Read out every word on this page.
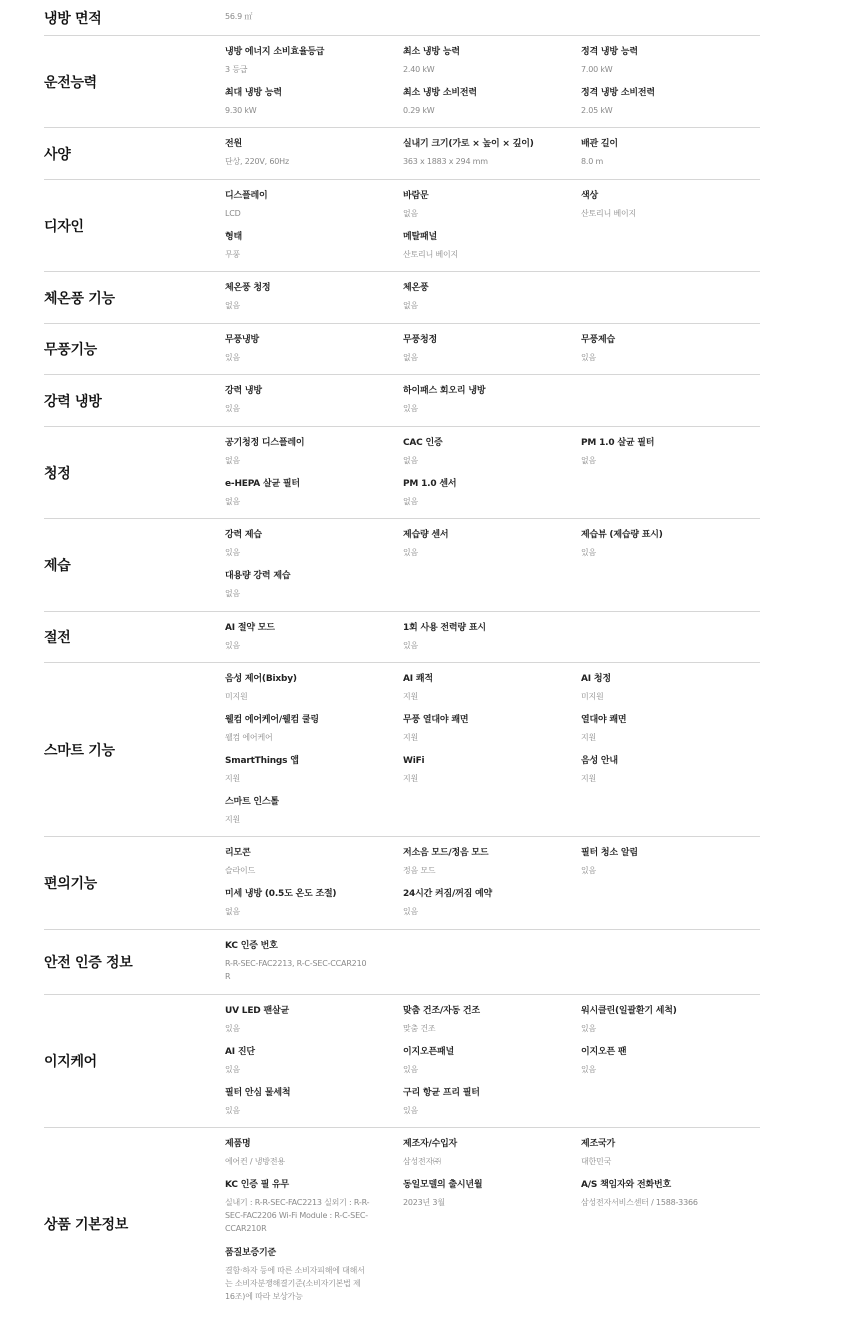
냉방 면적	56.9 ㎡
운전능력
냉방 에너지 소비효율등급
3 등급
최소 냉방 능력
2.40 kW
정격 냉방 능력
7.00 kW
최대 냉방 능력
9.30 kW
최소 냉방 소비전력
0.29 kW
정격 냉방 소비전력
2.05 kW
사양
전원
단상, 220V, 60Hz
실내기 크기(가로 × 높이 × 깊이)
363 x 1883 x 294 mm
배관 길이
8.0 m
디자인
디스플레이
LCD
바람문
없음
색상
산토리니 베이지
형태
무풍
메탈패널
산토리니 베이지
체온풍 기능
체온풍 청정
없음
체온풍
없음
무풍기능
무풍냉방
있음
무풍청정
없음
무풍제습
있음
강력 냉방
강력 냉방
있음
하이패스 회오리 냉방
있음
청정
공기청정 디스플레이
없음
CAC 인증
없음
PM 1.0 살균 필터
없음
e-HEPA 살균 필터
없음
PM 1.0 센서
없음
제습
강력 제습
있음
제습량 센서
있음
제습뷰 (제습량 표시)
있음
대용량 강력 제습
없음
절전
AI 절약 모드
있음
1회 사용 전력량 표시
있음
스마트 기능
음성 제어(Bixby)
미지원
AI 쾌적
지원
AI 청정
미지원
웰컴 에어케어/웰컴 쿨링
웰컴 에어케어
무풍 열대야 쾌면
지원
열대야 쾌면
지원
SmartThings 앱
지원
WiFi
지원
음성 안내
지원
스마트 인스톨
지원
편의기능
리모콘
슬라이드
저소음 모드/정음 모드
정음 모드
필터 청소 알림
있음
미세 냉방 (0.5도 온도 조절)
없음
24시간 켜짐/꺼짐 예약
있음
안전 인증 정보
KC 인증 번호
R-R-SEC-FAC2213, R-C-SEC-CCAR210R
이지케어
UV LED 팬살균
있음
맞춤 건조/자동 건조
맞춤 건조
워시클린(일괄환기 세척)
있음
AI 진단
있음
이지오픈패널
있음
이지오픈 팬
있음
필터 안심 물세척
있음
구리 항균 프리 필터
있음
상품 기본정보
제품명
에어컨 / 냉방전용
제조자/수입자
삼성전자㈜
제조국가
대한민국
KC 인증 필 유무
실내기 : R-R-SEC-FAC2213 실외기 : R-R-SEC-FAC2206 Wi-Fi Module : R-C-SEC-CCAR210R
동일모델의 출시년월
2023년 3월
A/S 책임자와 전화번호
삼성전자서비스센터 / 1588-3366
품질보증기준
결함·하자 등에 따른 소비자피해에 대해서는 소비자분쟁해결기준(소비자기본법 제16조)에 따라 보상가능
